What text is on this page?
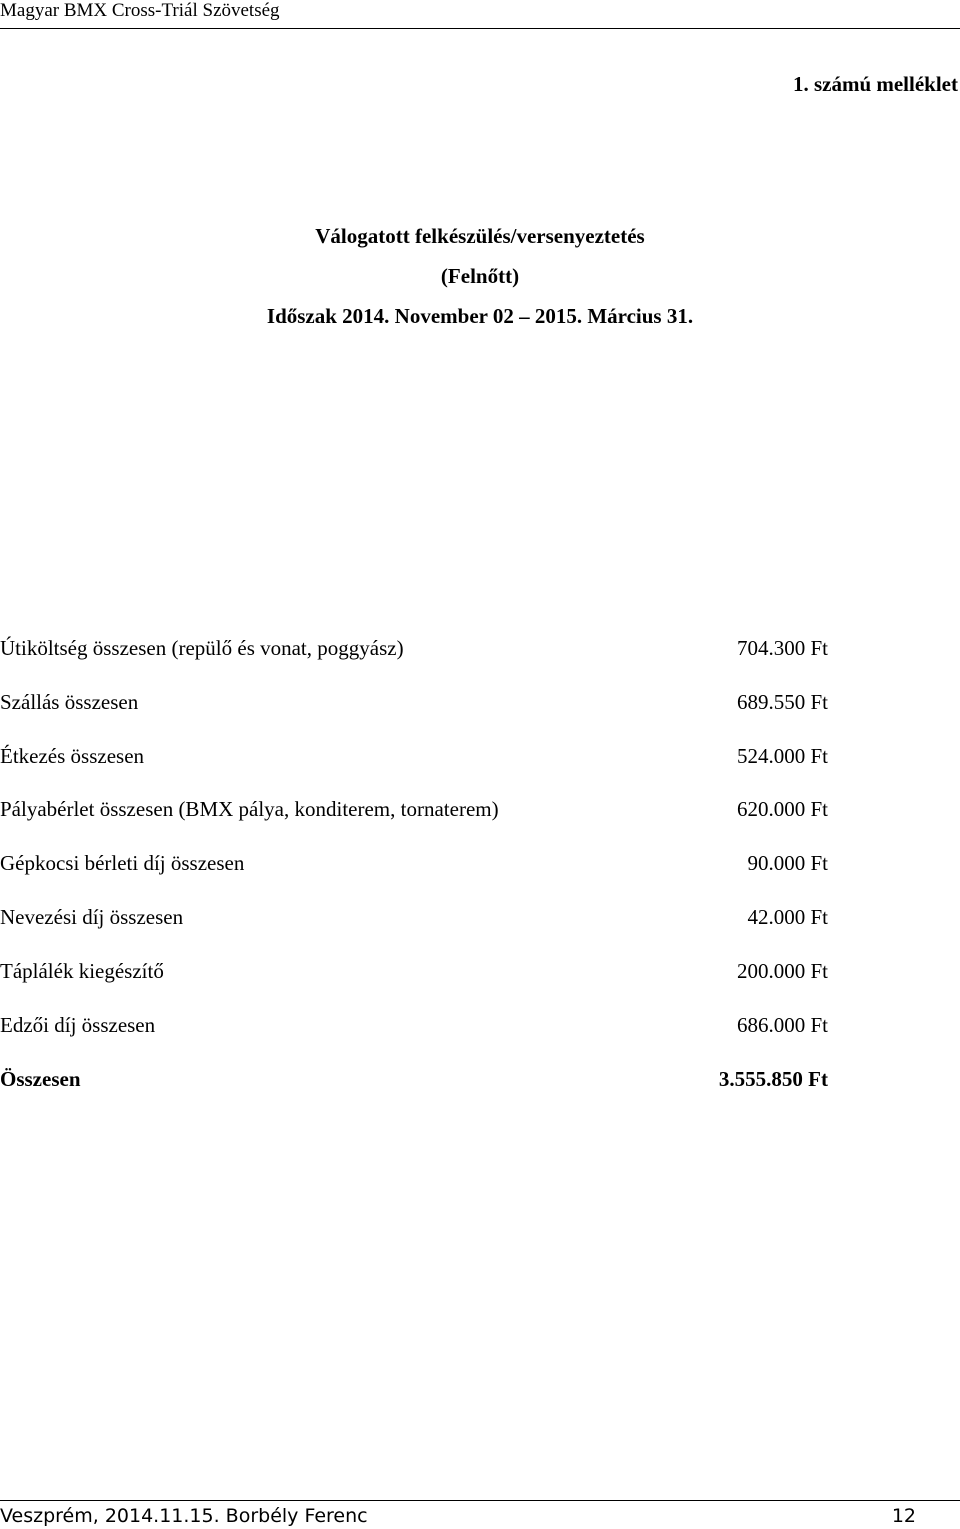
Magyar BMX Cross-Triál Szövetség
1. számú melléklet
Válogatott felkészülés/versenyeztetés
(Felnőtt)
Időszak 2014. November 02 – 2015. Március 31.
Útiköltség összesen (repülő és vonat, poggyász)	704.300 Ft
Szállás összesen	689.550 Ft
Étkezés összesen	524.000 Ft
Pályabérlet összesen (BMX pálya, konditerem, tornaterem)	620.000 Ft
Gépkocsi bérleti díj összesen	90.000 Ft
Nevezési díj összesen	42.000 Ft
Táplálék kiegészítő	200.000 Ft
Edzői díj összesen	686.000 Ft
Összesen	3.555.850 Ft
Veszprém, 2014.11.15. Borbély Ferenc	12
